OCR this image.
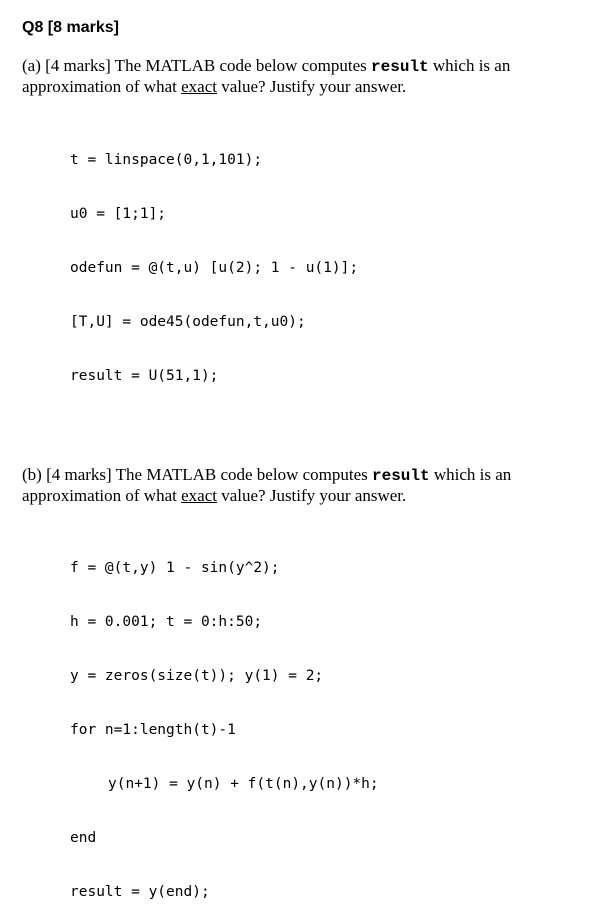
Q8 [8 marks]
(a) [4 marks] The MATLAB code below computes result which is an approximation of what exact value? Justify your answer.

t = linspace(0,1,101);

u0 = [1;1];

odefun = @(t,u) [u(2); 1 - u(1)];

[T,U] = ode45(odefun,t,u0);

result = U(51,1);

(b) [4 marks] The MATLAB code below computes result which is an approximation of what exact value? Justify your answer.

f = @(t,y) 1 - sin(y^2);

h = 0.001; t = 0:h:50;

y = zeros(size(t)); y(1) = 2;

for n=1:length(t)-1

y(n+1) = y(n) + f(t(n),y(n))*h;

end

result = y(end);
